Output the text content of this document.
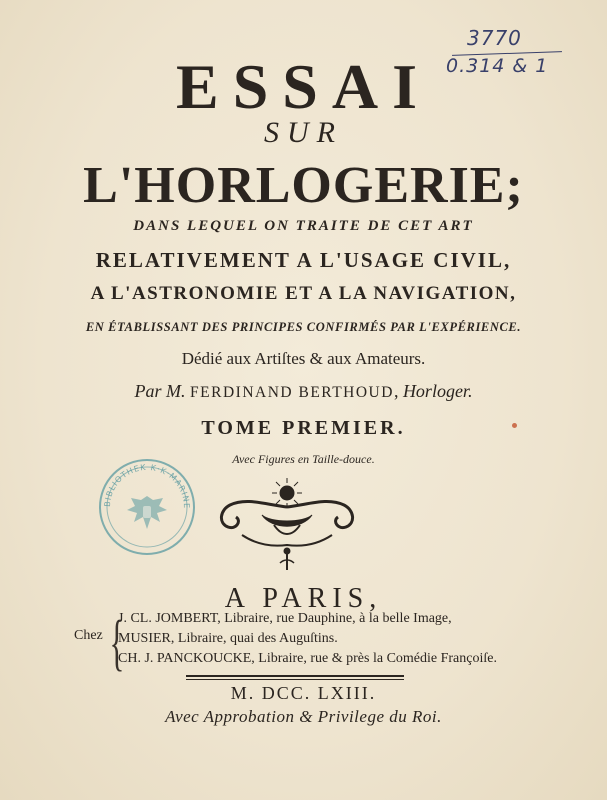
3770
0.314 & 1
ESSAI
SUR
L'HORLOGERIE;
DANS LEQUEL ON TRAITE DE CET ART
RELATIVEMENT A L'USAGE CIVIL,
A L'ASTRONOMIE ET A LA NAVIGATION,
EN ÉTABLISSANT DES PRINCIPES CONFIRMÉS PAR L'EXPÉRIENCE.
Dédié aux Artiſtes & aux Amateurs.
Par M. FERDINAND BERTHOUD, Horloger.
TOME PREMIER.
Avec Figures en Taille-douce.
BIBLIOTHEK K·K·MARINE
A PARIS,
Chez {
J. CL. JOMBERT, Libraire, rue Dauphine, à la belle Image,
MUSIER, Libraire, quai des Auguſtins.
CH. J. PANCKOUCKE, Libraire, rue & près la Comédie Françoiſe.
M. DCC. LXIII.
Avec Approbation & Privilege du Roi.
